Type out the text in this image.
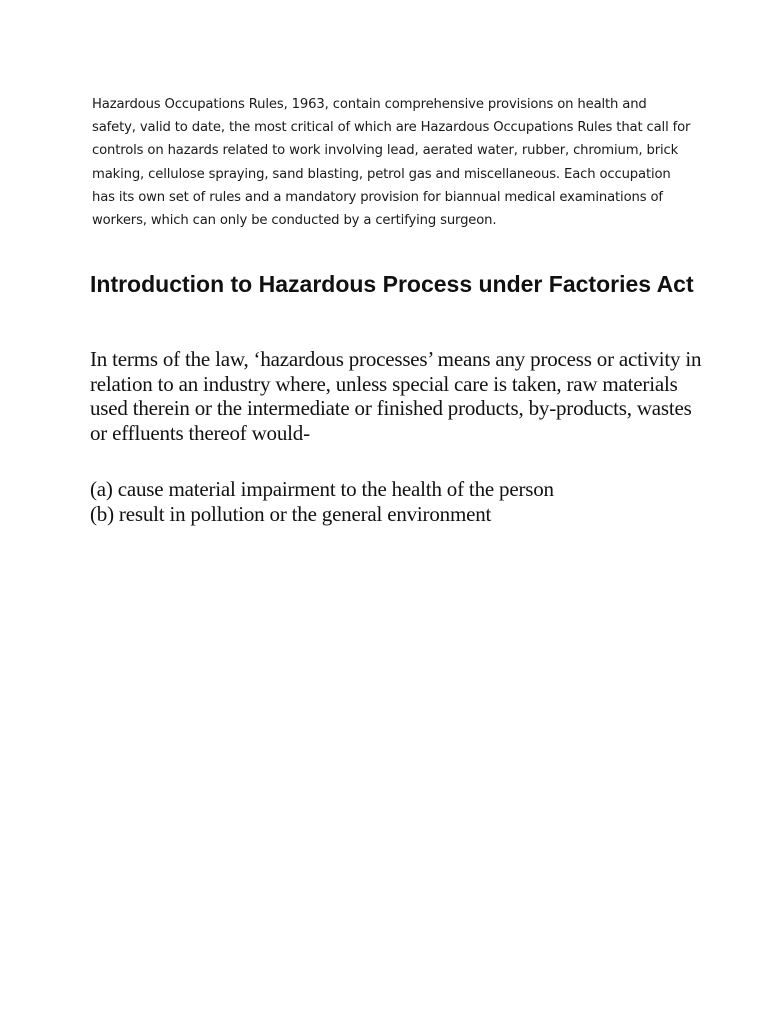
Hazardous Occupations Rules, 1963, contain comprehensive provisions on health and safety, valid to date, the most critical of which are Hazardous Occupations Rules that call for controls on hazards related to work involving lead, aerated water, rubber, chromium, brick making, cellulose spraying, sand blasting, petrol gas and miscellaneous. Each occupation has its own set of rules and a mandatory provision for biannual medical examinations of workers, which can only be conducted by a certifying surgeon.

Introduction to Hazardous Process under Factories Act

In terms of the law, ‘hazardous processes’ means any process or activity in relation to an industry where, unless special care is taken, raw materials used therein or the intermediate or finished products, by-products, wastes or effluents thereof would-

(a) cause material impairment to the health of the person
(b) result in pollution or the general environment
